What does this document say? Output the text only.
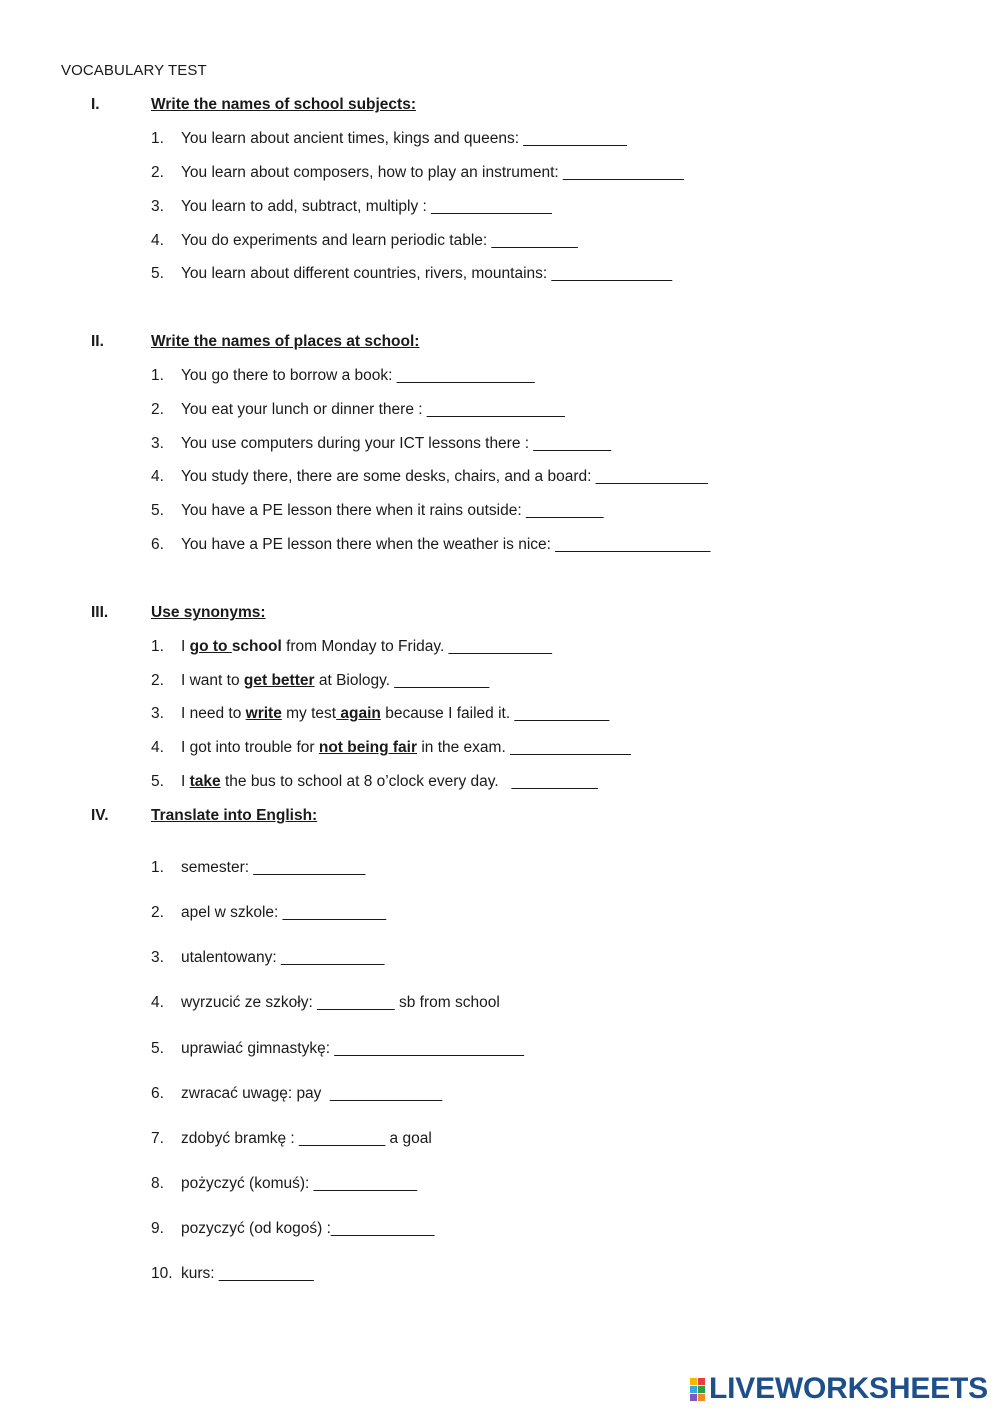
VOCABULARY TEST
I.	Write the names of school subjects:
1. You learn about ancient times, kings and queens: ____________
2. You learn about composers, how to play an instrument: ______________
3. You learn to add, subtract, multiply : ______________
4. You do experiments and learn periodic table: __________
5. You learn about different countries, rivers, mountains: ______________
II.	Write the names of places at school:
1. You go there to borrow a book: ________________
2. You eat your lunch or dinner there : ________________
3. You use computers during your ICT lessons there : _________
4. You study there, there are some desks, chairs, and a board: _____________
5. You have a PE lesson there when it rains outside: _________
6. You have a PE lesson there when the weather is nice: __________________
III.	Use synonyms:
1. I go to school from Monday to Friday. ____________
2. I want to get better at Biology. ___________
3. I need to write my test again because I failed it. ___________
4. I got into trouble for not being fair in the exam. ______________
5. I take the bus to school at 8 o’clock every day.   __________
IV.	Translate into English:
1. semester: _____________
2. apel w szkole: ____________
3. utalentowany: ____________
4. wyrzucić ze szkoły: _________ sb from school
5. uprawiać gimnastykę: ______________________
6. zwracać uwagę: pay  _____________
7. zdobyć bramkę : __________ a goal
8. pożyczyć (komuś): ____________
9. pozyczyć (od kogoś) :____________
10. kurs: ___________
LIVEWORKSHEETS
